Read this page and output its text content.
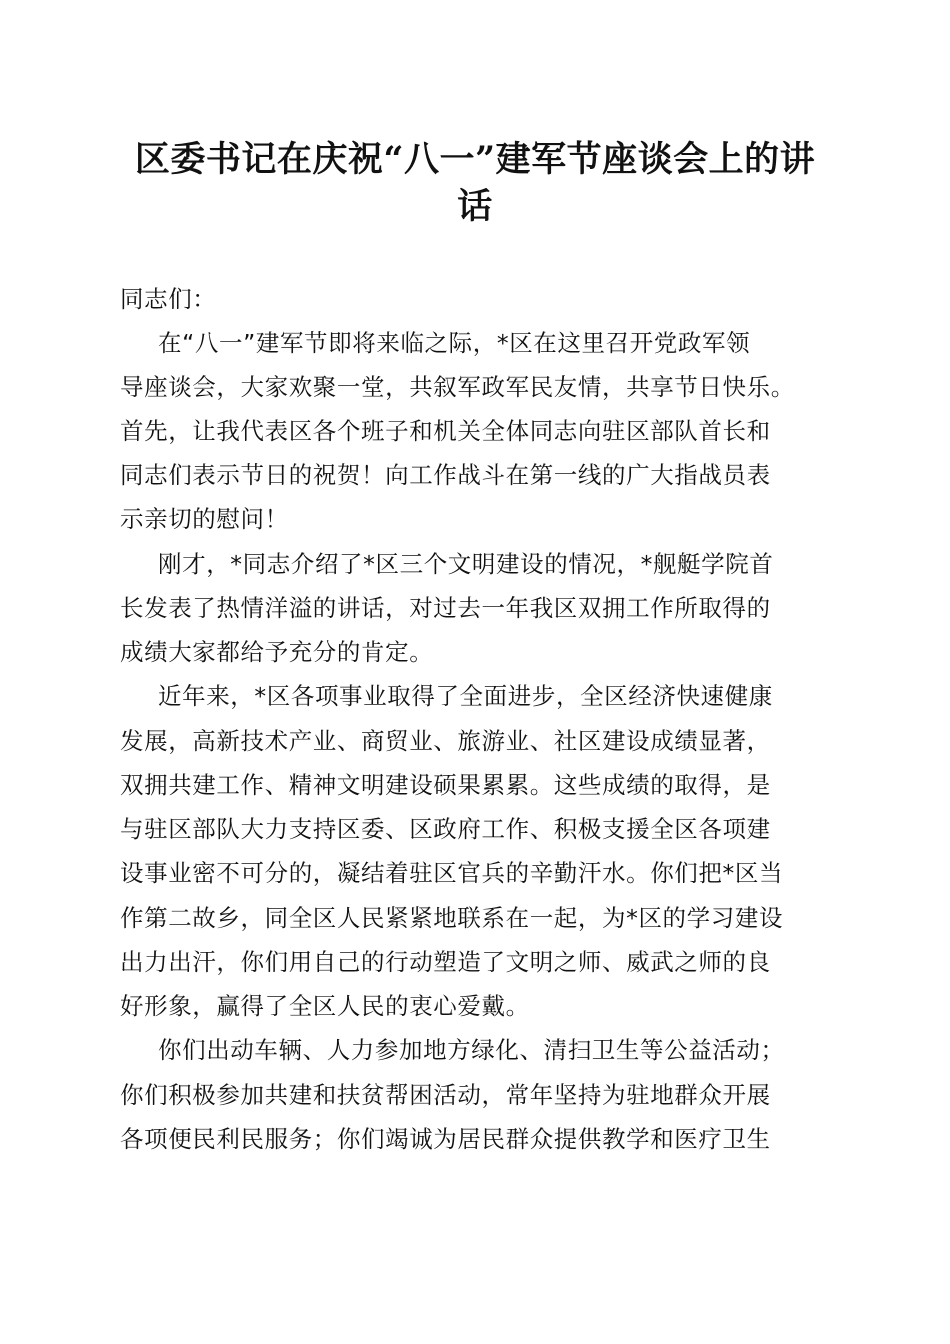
区委书记在庆祝“八一”建军节座谈会上的讲
话

同志们：

在“八一”建军节即将来临之际，*区在这里召开党政军领

导座谈会，大家欢聚一堂，共叙军政军民友情，共享节日快乐。

首先，让我代表区各个班子和机关全体同志向驻区部队首长和

同志们表示节日的祝贺！向工作战斗在第一线的广大指战员表

示亲切的慰问！

刚才，*同志介绍了*区三个文明建设的情况，*舰艇学院首

长发表了热情洋溢的讲话，对过去一年我区双拥工作所取得的

成绩大家都给予充分的肯定。

近年来，*区各项事业取得了全面进步，全区经济快速健康

发展，高新技术产业、商贸业、旅游业、社区建设成绩显著，

双拥共建工作、精神文明建设硕果累累。这些成绩的取得，是

与驻区部队大力支持区委、区政府工作、积极支援全区各项建

设事业密不可分的，凝结着驻区官兵的辛勤汗水。你们把*区当

作第二故乡，同全区人民紧紧地联系在一起，为*区的学习建设

出力出汗，你们用自己的行动塑造了文明之师、威武之师的良

好形象，赢得了全区人民的衷心爱戴。

你们出动车辆、人力参加地方绿化、清扫卫生等公益活动；

你们积极参加共建和扶贫帮困活动，常年坚持为驻地群众开展

各项便民利民服务；你们竭诚为居民群众提供教学和医疗卫生
